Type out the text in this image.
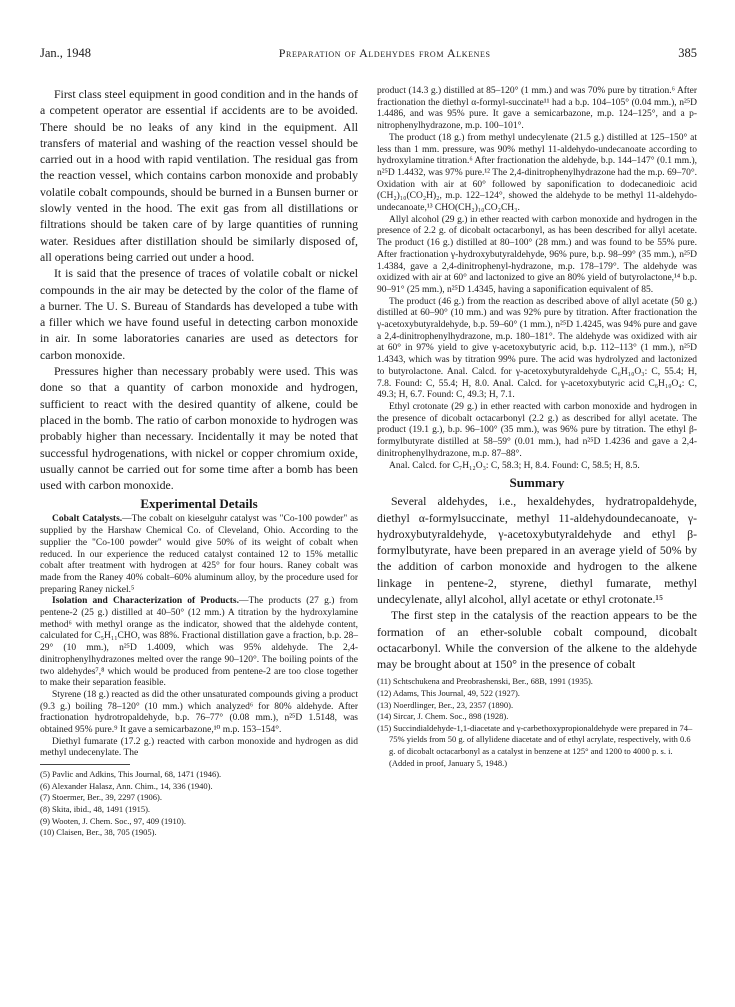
Jan., 1948	Preparation of Aldehydes from Alkenes	385

First class steel equipment in good condition and in the hands of a competent operator are essential if accidents are to be avoided. There should be no leaks of any kind in the equipment. All transfers of material and washing of the reaction vessel should be carried out in a hood with rapid ventilation. The residual gas from the reaction vessel, which contains carbon monoxide and probably volatile cobalt compounds, should be burned in a Bunsen burner or slowly vented in the hood. The exit gas from all distillations or filtrations should be taken care of by large quantities of running water. Residues after distillation should be similarly disposed of, all operations being carried out under a hood.

It is said that the presence of traces of volatile cobalt or nickel compounds in the air may be detected by the color of the flame of a burner. The U. S. Bureau of Standards has developed a tube with a filler which we have found useful in detecting carbon monoxide in air. In some laboratories canaries are used as detectors for carbon monoxide.

Pressures higher than necessary probably were used. This was done so that a quantity of carbon monoxide and hydrogen, sufficient to react with the desired quantity of alkene, could be placed in the bomb. The ratio of carbon monoxide to hydrogen was probably higher than necessary. Incidentally it may be noted that successful hydrogenations, with nickel or copper chromium oxide, usually cannot be carried out for some time after a bomb has been used with carbon monoxide.

Experimental Details

Cobalt Catalysts.—The cobalt on kieselguhr catalyst was "Co-100 powder" as supplied by the Harshaw Chemical Co. of Cleveland, Ohio. According to the supplier the "Co-100 powder" would give 50% of its weight of cobalt when reduced. In our experience the reduced catalyst contained 12 to 15% metallic cobalt after treatment with hydrogen at 425° for four hours. Raney cobalt was made from the Raney 40% cobalt–60% aluminum alloy, by the procedure used for preparing Raney nickel.⁵

Isolation and Characterization of Products.—The products (27 g.) from pentene-2 (25 g.) distilled at 40–50° (12 mm.) A titration by the hydroxylamine method⁶ with methyl orange as the indicator, showed that the aldehyde content, calculated for C₅H₁₁CHO, was 88%. Fractional distillation gave a fraction, b.p. 28–29° (10 mm.), n²⁵D 1.4009, which was 95% aldehyde. The 2,4-dinitrophenylhydrazones melted over the range 90–120°. The boiling points of the two aldehydes⁷,⁸ which would be produced from pentene-2 are too close together to make their separation feasible.

Styrene (18 g.) reacted as did the other unsaturated compounds giving a product (9.3 g.) boiling 78–120° (10 mm.) which analyzed⁶ for 80% aldehyde. After fractionation hydrotropaldehyde, b.p. 76–77° (0.08 mm.), n²⁵D 1.5148, was obtained 95% pure.⁹ It gave a semicarbazone,¹⁰ m.p. 153–154°.

Diethyl fumarate (17.2 g.) reacted with carbon monoxide and hydrogen as did methyl undecenylate. The

(5) Pavlic and Adkins, This Journal, 68, 1471 (1946).

(6) Alexander Halasz, Ann. Chim., 14, 336 (1940).

(7) Stoermer, Ber., 39, 2297 (1906).

(8) Skita, ibid., 48, 1491 (1915).

(9) Wooten, J. Chem. Soc., 97, 409 (1910).

(10) Claisen, Ber., 38, 705 (1905).

product (14.3 g.) distilled at 85–120° (1 mm.) and was 70% pure by titration.⁶ After fractionation the diethyl α-formyl-succinate¹¹ had a b.p. 104–105° (0.04 mm.), n²⁵D 1.4486, and was 95% pure. It gave a semicarbazone, m.p. 124–125°, and a p-nitrophenylhydrazone, m.p. 100–101°.

The product (18 g.) from methyl undecylenate (21.5 g.) distilled at 125–150° at less than 1 mm. pressure, was 90% methyl 11-aldehydo-undecanoate according to hydroxylamine titration.⁶ After fractionation the aldehyde, b.p. 144–147° (0.1 mm.), n²⁵D 1.4432, was 97% pure.¹² The 2,4-dinitrophenylhydrazone had the m.p. 69–70°. Oxidation with air at 60° followed by saponification to dodecanedioic acid (CH₂)₁₀(CO₂H)₂, m.p. 122–124°, showed the aldehyde to be methyl 11-aldehydo-undecanoate,¹³ CHO(CH₂)₁₀CO₂CH₃.

Allyl alcohol (29 g.) in ether reacted with carbon monoxide and hydrogen in the presence of 2.2 g. of dicobalt octacarbonyl, as has been described for allyl acetate. The product (16 g.) distilled at 80–100° (28 mm.) and was found to be 55% pure. After fractionation γ-hydroxybutyraldehyde, 96% pure, b.p. 98–99° (35 mm.), n²⁵D 1.4384, gave a 2,4-dinitrophenyl-hydrazone, m.p. 178–179°. The aldehyde was oxidized with air at 60° and lactonized to give an 80% yield of butyrolactone,¹⁴ b.p. 90–91° (25 mm.), n²⁵D 1.4345, having a saponification equivalent of 85.

The product (46 g.) from the reaction as described above of allyl acetate (50 g.) distilled at 60–90° (10 mm.) and was 92% pure by titration. After fractionation the γ-acetoxybutyraldehyde, b.p. 59–60° (1 mm.), n²⁵D 1.4245, was 94% pure and gave a 2,4-dinitrophenylhydrazone, m.p. 180–181°. The aldehyde was oxidized with air at 60° in 97% yield to give γ-acetoxybutyric acid, b.p. 112–113° (1 mm.), n²⁵D 1.4343, which was by titration 99% pure. The acid was hydrolyzed and lactonized to butyrolactone. Anal. Calcd. for γ-acetoxybutyraldehyde C₆H₁₀O₃: C, 55.4; H, 7.8. Found: C, 55.4; H, 8.0. Anal. Calcd. for γ-acetoxybutyric acid C₆H₁₀O₄: C, 49.3; H, 6.7. Found: C, 49.3; H, 7.1.

Ethyl crotonate (29 g.) in ether reacted with carbon monoxide and hydrogen in the presence of dicobalt octacarbonyl (2.2 g.) as described for allyl acetate. The product (19.1 g.), b.p. 96–100° (35 mm.), was 96% pure by titration. The ethyl β-formylbutyrate distilled at 58–59° (0.01 mm.), had n²⁵D 1.4236 and gave a 2,4-dinitrophenylhydrazone, m.p. 87–88°.

Anal. Calcd. for C₇H₁₂O₃: C, 58.3; H, 8.4. Found: C, 58.5; H, 8.5.

Summary

Several aldehydes, i.e., hexaldehydes, hydratropaldehyde, diethyl α-formylsuccinate, methyl 11-aldehydoundecanoate, γ-hydroxybutyraldehyde, γ-acetoxybutyraldehyde and ethyl β-formylbutyrate, have been prepared in an average yield of 50% by the addition of carbon monoxide and hydrogen to the alkene linkage in pentene-2, styrene, diethyl fumarate, methyl undecylenate, allyl alcohol, allyl acetate or ethyl crotonate.¹⁵

The first step in the catalysis of the reaction appears to be the formation of an ether-soluble cobalt compound, dicobalt octacarbonyl. While the conversion of the alkene to the aldehyde may be brought about at 150° in the presence of cobalt

(11) Schtschukena and Preobrashenski, Ber., 68B, 1991 (1935).

(12) Adams, This Journal, 49, 522 (1927).

(13) Noerdlinger, Ber., 23, 2357 (1890).

(14) Sircar, J. Chem. Soc., 898 (1928).

(15) Succindialdehyde-1,1-diacetate and γ-carbethoxypropionaldehyde were prepared in 74–75% yields from 50 g. of allylidene diacetate and of ethyl acrylate, respectively, with 0.6 g. of dicobalt octacarbonyl as a catalyst in benzene at 125° and 1200 to 4000 p. s. i. (Added in proof, January 5, 1948.)
